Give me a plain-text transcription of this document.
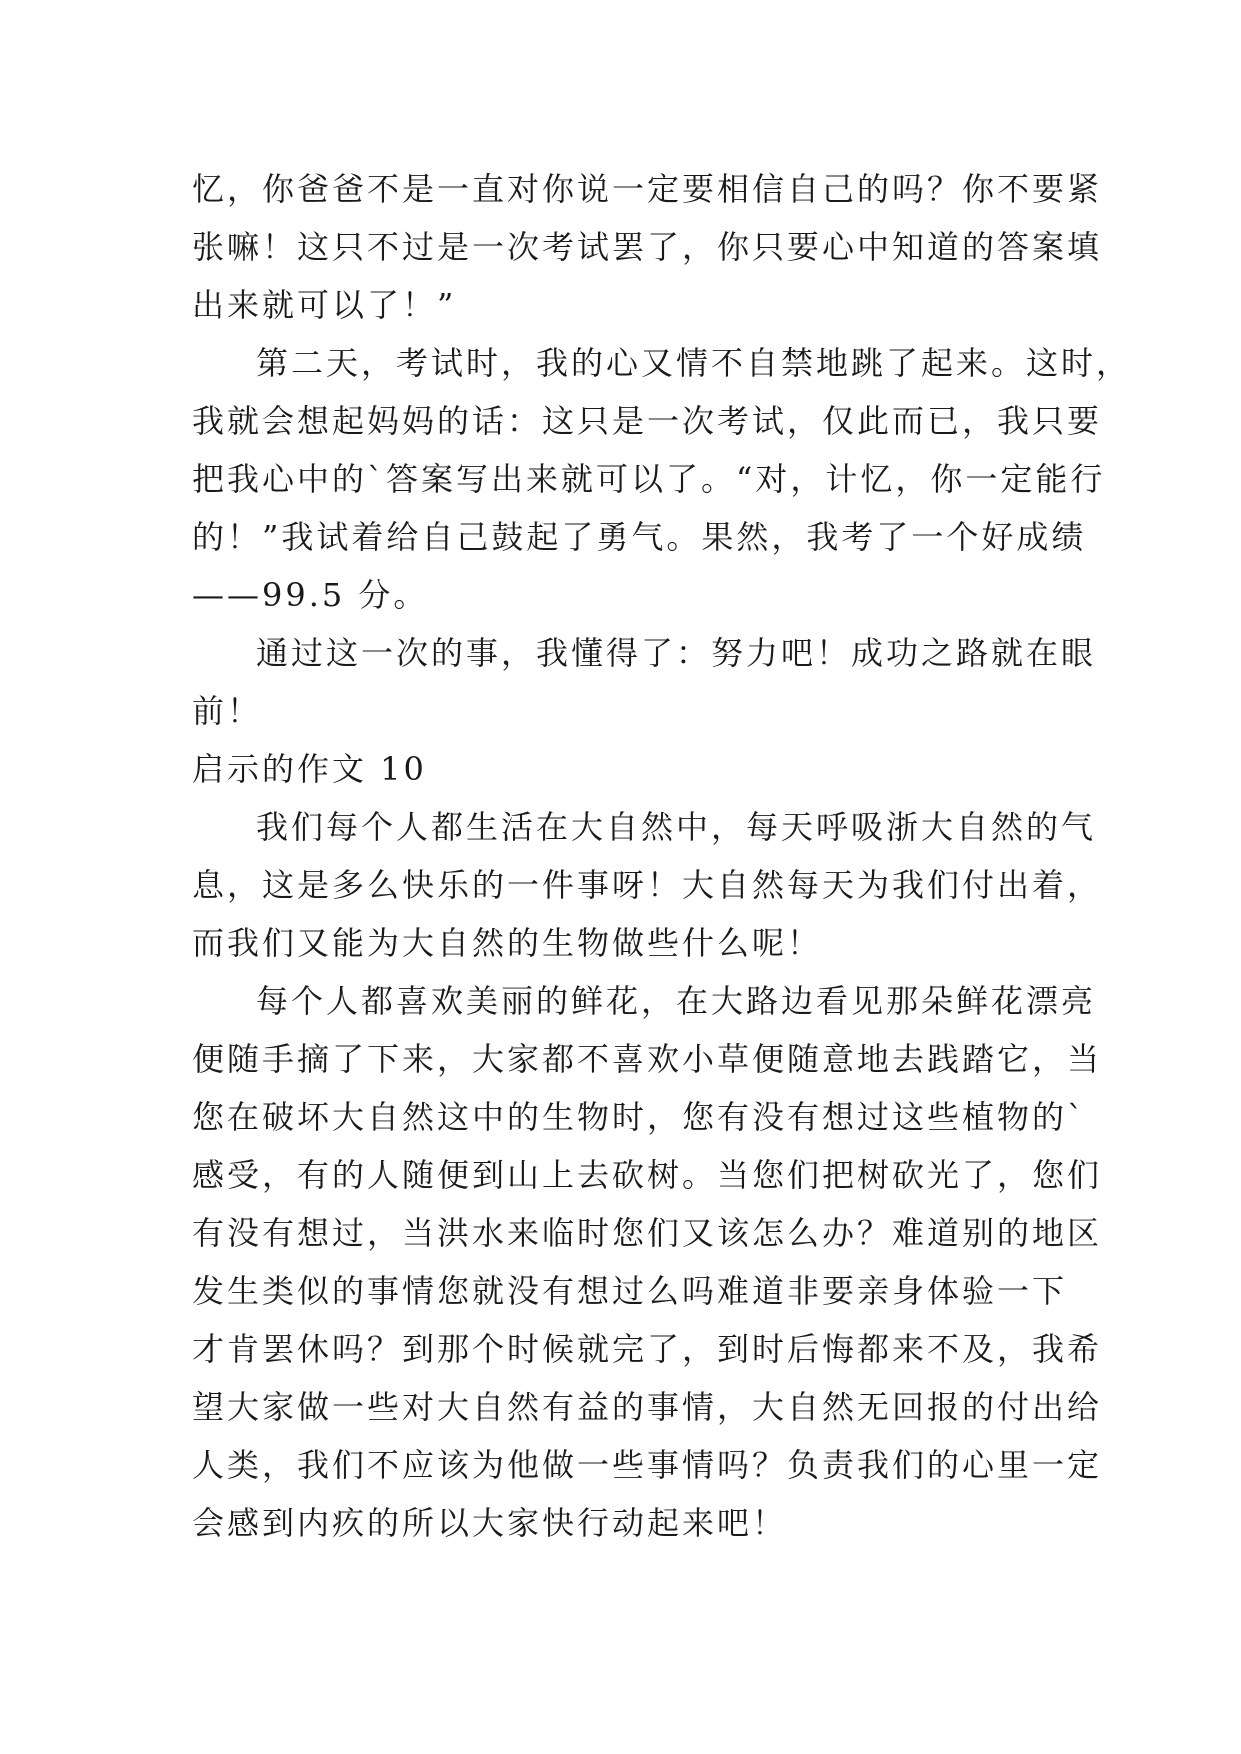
忆，你爸爸不是一直对你说一定要相信自己的吗？你不要紧
张嘛！这只不过是一次考试罢了，你只要心中知道的答案填
出来就可以了！”
第二天，考试时，我的心又情不自禁地跳了起来。这时，
我就会想起妈妈的话：这只是一次考试，仅此而已，我只要
把我心中的`答案写出来就可以了。“对，计忆，你一定能行
的！”我试着给自己鼓起了勇气。果然，我考了一个好成绩
——99.5 分。
通过这一次的事，我懂得了：努力吧！成功之路就在眼
前！
启示的作文 10
我们每个人都生活在大自然中，每天呼吸浙大自然的气
息，这是多么快乐的一件事呀！大自然每天为我们付出着，
而我们又能为大自然的生物做些什么呢！
每个人都喜欢美丽的鲜花，在大路边看见那朵鲜花漂亮
便随手摘了下来，大家都不喜欢小草便随意地去践踏它，当
您在破坏大自然这中的生物时，您有没有想过这些植物的`
感受，有的人随便到山上去砍树。当您们把树砍光了，您们
有没有想过，当洪水来临时您们又该怎么办？难道别的地区
发生类似的事情您就没有想过么吗难道非要亲身体验一下
才肯罢休吗？到那个时候就完了，到时后悔都来不及，我希
望大家做一些对大自然有益的事情，大自然无回报的付出给
人类，我们不应该为他做一些事情吗？负责我们的心里一定
会感到内疚的所以大家快行动起来吧！
